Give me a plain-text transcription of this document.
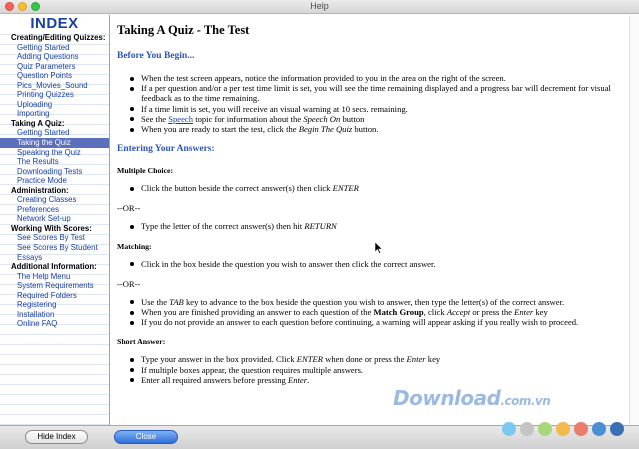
Help
INDEX
Creating/Editing Quizzes:
Getting Started
Adding Questions
Quiz Parameters
Question Points
Pics_Movies_Sound
Printing Quizzes
Uploading
Importing
Taking A Quiz:
Getting Started
Taking the Quiz
Speaking the Quiz
The Results
Downloading Tests
Practice Mode
Administration:
Creating Classes
Preferences
Network Set-up
Working With Scores:
See Scores By Test
See Scores By Student
Essays
Additional Information:
The Help Menu
System Requirements
Required Folders
Registering
Installation
Online FAQ
Taking A Quiz - The Test
Before You Begin...
When the test screen appears, notice the information provided to you in the area on the right of the screen.
If a per question and/or a per test time limit is set, you will see the time remaining displayed and a progress bar will decrement for visual feedback as to the time remaining.
If a time limit is set, you will receive an visual warning at 10 secs. remaining.
See the Speech topic for information about the Speech On button
When you are ready to start the test, click the Begin The Quiz button.
Entering Your Answers:
Multiple Choice:
Click the button beside the correct answer(s) then click ENTER
--OR--
Type the letter of the correct answer(s) then hit RETURN
Matching:
Click in the box beside the question you wish to answer then click the correct answer.
--OR--
Use the TAB key to advance to the box beside the question you wish to answer, then type the letter(s) of the correct answer.
When you are finished providing an answer to each question of the Match Group, click Accept or press the Enter key
If you do not provide an answer to each question before continuing, a warning will appear asking if you really wish to proceed.
Short Answer:
Type your answer in the box provided. Click ENTER when done or press the Enter key
If multiple boxes appear, the question requires multiple answers.
Enter all required answers before pressing Enter.
Hide Index	Close
Download.com.vn
